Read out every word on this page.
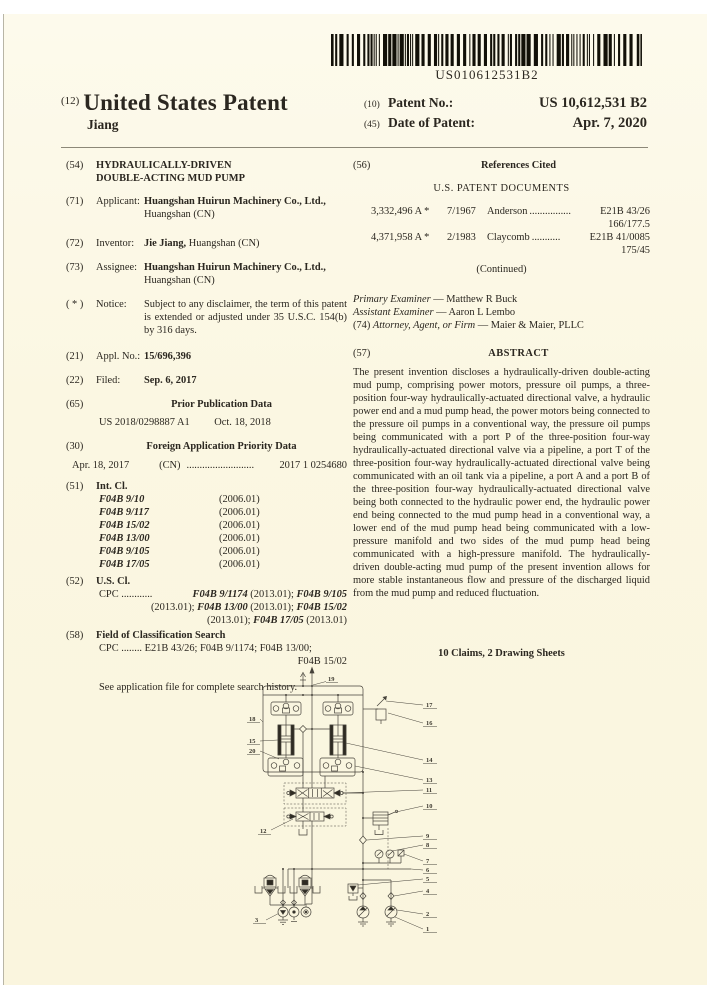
US010612531B2
$^{(12)}$ United States Patent
Jiang
(10) Patent No.:	US 10,612,531 B2
(45) Date of Patent:	Apr. 7, 2020
(54)	HYDRAULICALLY-DRIVEN
DOUBLE-ACTING MUD PUMP
(71)	Applicant: Huangshan Huirun Machinery Co., Ltd., Huangshan (CN)
(72)	Inventor: Jie Jiang, Huangshan (CN)
(73)	Assignee: Huangshan Huirun Machinery Co., Ltd., Huangshan (CN)
( * )	Notice:	Subject to any disclaimer, the term of this patent is extended or adjusted under 35 U.S.C. 154(b) by 316 days.
(21)	Appl. No.: 15/696,396
(22)	Filed:	Sep. 6, 2017
(65)	Prior Publication Data
US 2018/0298887 A1 Oct. 18, 2018
(30)	Foreign Application Priority Data
Apr. 18, 2017	(CN) .......................... 2017 1 0254680
(51)	Int. Cl.
F04B 9/10	(2006.01)
F04B 9/117	(2006.01)
F04B 15/02	(2006.01)
F04B 13/00	(2006.01)
F04B 9/105	(2006.01)
F04B 17/05	(2006.01)
(52)	U.S. Cl.
CPC ............	F04B 9/1174 (2013.01); F04B 9/105
(2013.01); F04B 13/00 (2013.01); F04B 15/02
(2013.01); F04B 17/05 (2013.01)
(58)	Field of Classification Search
CPC ........ E21B 43/26; F04B 9/1174; F04B 13/00;
F04B 15/02
See application file for complete search history.
(56)	References Cited
U.S. PATENT DOCUMENTS
3,332,496 A *	7/1967	Anderson ................	E21B 43/26
166/177.5
4,371,958 A *	2/1983	Claycomb ...........	E21B 41/0085
175/45
(Continued)
Primary Examiner — Matthew R Buck
Assistant Examiner — Aaron L Lembo
(74) Attorney, Agent, or Firm — Maier & Maier, PLLC
(57)	ABSTRACT
The present invention discloses a hydraulically-driven double-acting mud pump, comprising power motors, pressure oil pumps, a three-position four-way hydraulically-actuated directional valve, a hydraulic power end and a mud pump head, the power motors being connected to the pressure oil pumps in a conventional way, the pressure oil pumps being communicated with a port P of the three-position four-way hydraulically-actuated directional valve via a pipeline, a port T of the three-position four-way hydraulically-actuated directional valve being communicated with an oil tank via a pipeline, a port A and a port B of the three-position four-way hydraulically-actuated directional valve being both connected to the hydraulic power end, the hydraulic power end being connected to the mud pump head in a conventional way, a lower end of the mud pump head being communicated with a low-pressure manifold and two sides of the mud pump head being communicated with a high-pressure manifold. The hydraulically-driven double-acting mud pump of the present invention allows for more stable instantaneous flow and pressure of the discharged liquid from the mud pump and reduced fluctuation.
10 Claims, 2 Drawing Sheets
19
17
16
18
15
20
14
13
11
12
10
9
8
7
6
5
4
2
1
3
